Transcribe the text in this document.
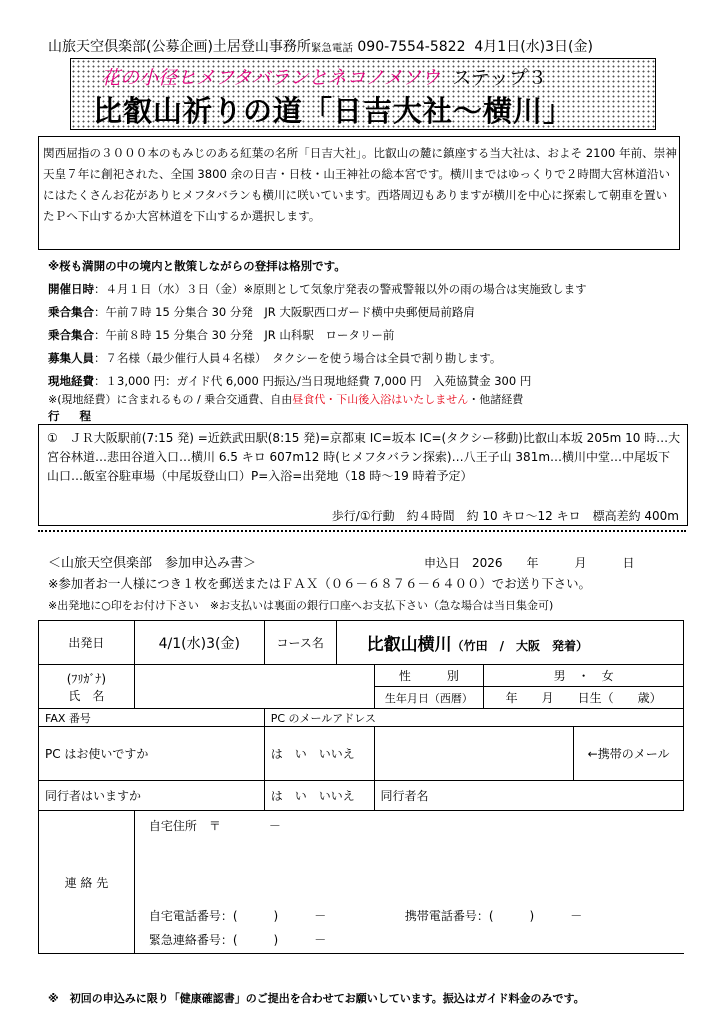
山旅天空倶楽部(公募企画)土居登山事務所緊急電話 090-7554-5822 4月1日(水)3日(金)
花の小径ヒメフタバランとネコノメソウ ステップ３
比叡山祈りの道「日吉大社～横川」
関西屈指の３０００本のもみじのある紅葉の名所「日吉大社」。比叡山の麓に鎮座する当大社は、およそ 2100 年前、崇神天皇７年に創祀された、全国 3800 余の日吉・日枝・山王神社の総本宮です。横川まではゆっくりで２時間大宮林道沿いにはたくさんお花がありヒメフタバランも横川に咲いています。西塔周辺もありますが横川を中心に探索して朝車を置いたＰへ下山するか大宮林道を下山するか選択します。
※桜も満開の中の境内と散策しながらの登拝は格別です。
開催日時：４月１日（水）３日（金）※原則として気象庁発表の警戒警報以外の雨の場合は実施致します
乗合集合：午前７時 15 分集合 30 分発　JR 大阪駅西口ガード横中央郵便局前路肩
乗合集合：午前８時 15 分集合 30 分発　JR 山科駅　ロータリー前
募集人員：７名様（最少催行人員４名様）　タクシーを使う場合は全員で割り勘します。
現地経費：１3,000 円：ガイド代 6,000 円振込/当日現地経費 7,000 円　入苑協賛金 300 円
※(現地経費）に含まれるもの / 乗合交通費、自由昼食代・下山後入浴はいたしません・他諸経費
行程
①　ＪＲ大阪駅前(7:15 発) =近鉄武田駅(8:15 発)=京都東 IC=坂本 IC=(タクシー移動)比叡山本坂 205m 10 時…大宮谷林道…悲田谷道入口…横川 6.5 キロ 607m12 時(ヒメフタバラン探索)…八王子山 381m…横川中堂…中尾坂下山口…飯室谷駐車場（中尾坂登山口）P=入浴=出発地（18 時～19 時着予定）
歩行/①行動　約４時間　約 10 キロ～12 キロ　標高差約 400m
＜山旅天空倶楽部　参加申込み書＞	申込日　2026　　年　　　月　　　日
※参加者お一人様につき１枚を郵送またはＦＡＸ（０６－６８７６－６４００）でお送り下さい。
※出発地に○印をお付け下さい　※お支払いは裏面の銀行口座へお支払下さい（急な場合は当日集金可)
出発日	4/1(水)3(金)	コース名	比叡山横川（竹田　/　大阪　発着）			

(ﾌﾘｶﾞﾅ)
氏　名				性　　　別	男　・　女	
				生年月日（西暦）	年　　月　　日生（　　歳）	
FAX 番号		PC のメールアドレス				
PC はお使いですか		は　い　いいえ				←携帯のメール
同行者はいますか		は　い　いいえ		同行者名		
連 絡 先	自宅住所　〒　　　　－
自宅電話番号：(　　　)　　　－ 携帯電話番号：(　　　)　　　－
緊急連絡番号：(　　　)　　　－					
※　初回の申込みに限り「健康確認書」のご提出を合わせてお願いしています。振込はガイド料金のみです。
